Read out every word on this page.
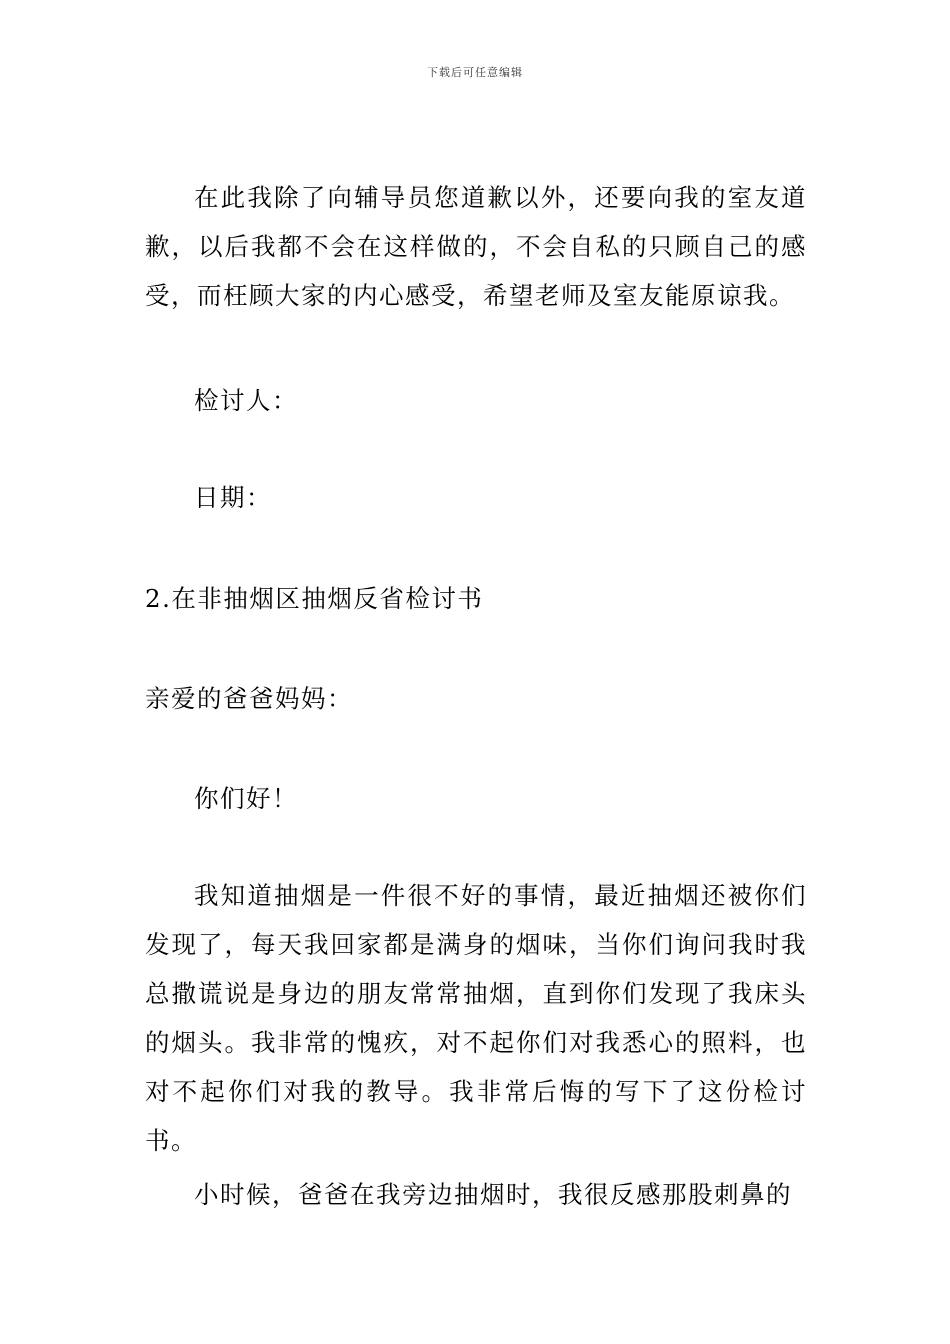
下载后可任意编辑

在此我除了向辅导员您道歉以外，还要向我的室友道歉，以后我都不会在这样做的，不会自私的只顾自己的感受，而枉顾大家的内心感受，希望老师及室友能原谅我。

检讨人：

日期：

2.在非抽烟区抽烟反省检讨书

亲爱的爸爸妈妈：

你们好！

我知道抽烟是一件很不好的事情，最近抽烟还被你们发现了，每天我回家都是满身的烟味，当你们询问我时我总撒谎说是身边的朋友常常抽烟，直到你们发现了我床头的烟头。我非常的愧疚，对不起你们对我悉心的照料，也对不起你们对我的教导。我非常后悔的写下了这份检讨书。

小时候，爸爸在我旁边抽烟时，我很反感那股刺鼻的
